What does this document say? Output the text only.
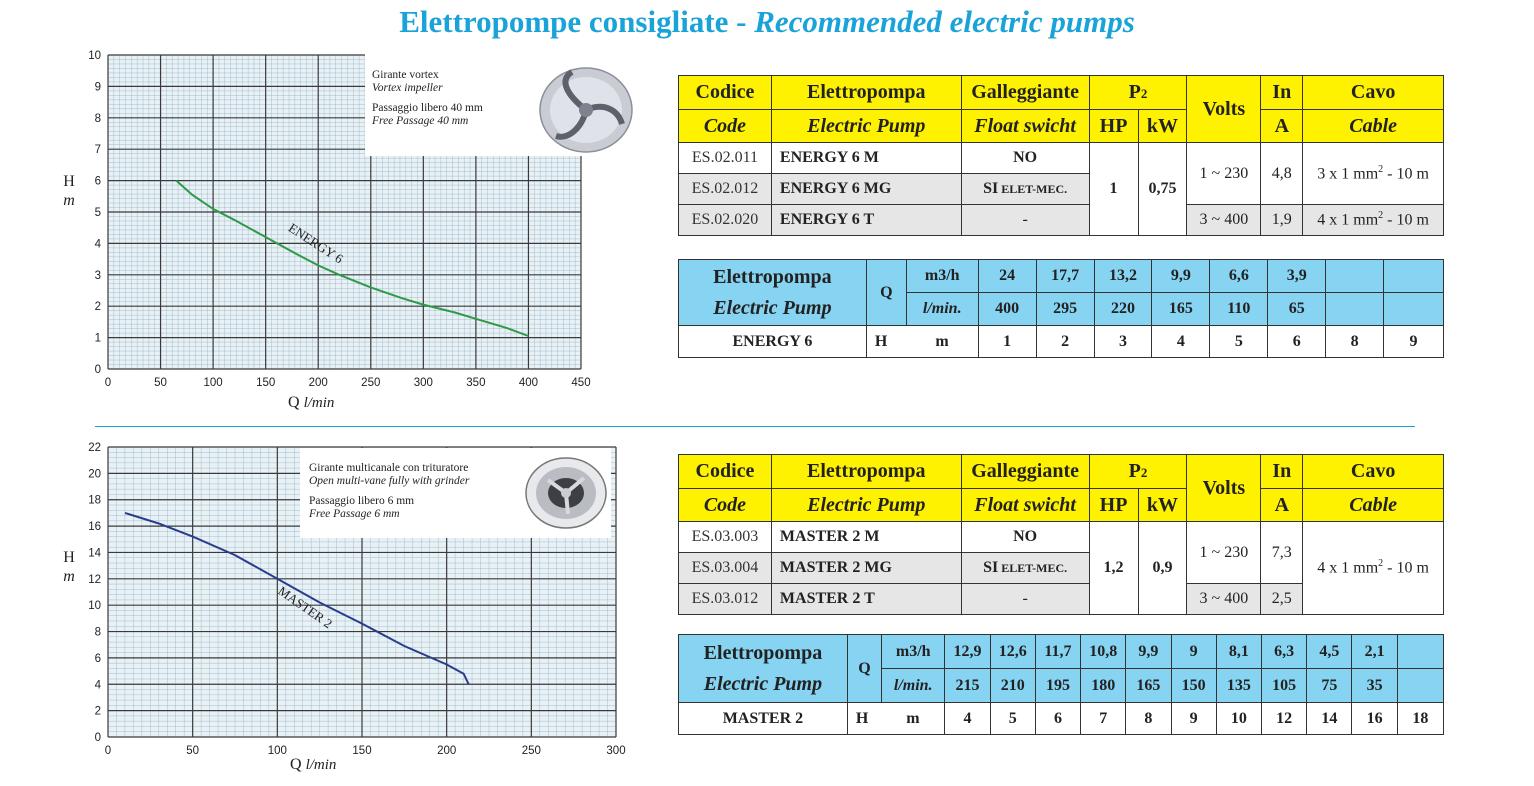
Elettropompe consigliate - Recommended electric pumps
0	50	100	150	200	250	300	350	400	450
0
1
2
3
4
5
6
7
8
9
10
H
m
Q l/min
Girante vortex
Vortex impeller
Passaggio libero 40 mm
Free Passage 40 mm
ENERGY 6
0	50	100	150	200	250	300
0
2
4
6
8
10
12
14
16
18
20
22
H
m
Q l/min
Girante multicanale con trituratore
Open multi-vane fully with grinder
Passaggio libero 6 mm
Free Passage 6 mm
MASTER 2
Codice	Elettropompa	Galleggiante	P2		Volts	In	Cavo
Code	Electric Pump	Float swicht	HP	kW		A	Cable
ES.02.011	ENERGY 6 M	NO	1	0,75	1 ~ 230	4,8	3 x 1 $mm^2 - 10$ m
ES.02.012	ENERGY 6 MG	SI ELET-MEC.					
ES.02.020	ENERGY 6 T	-			3 ~ 400	1,9	4 x 1 $mm^2 - 10$ m
Elettropompa
Electric Pump	Q	m3/h	24	17,7	13,2	9,9	6,6	3,9		
		l/min.	400	295	220	165	110	65		
ENERGY 6	H	m	1	2	3	4	5	6	8	9
Codice	Elettropompa	Galleggiante	P2		Volts	In	Cavo
Code	Electric Pump	Float swicht	HP	kW		A	Cable
ES.03.003	MASTER 2 M	NO	1,2	0,9	1 ~ 230	7,3	4 x 1 $mm^2 - 10$ m
ES.03.004	MASTER 2 MG	SI ELET-MEC.					
ES.03.012	MASTER 2 T	-			3 ~ 400	2,5	
Elettropompa
Electric Pump	Q	m3/h	12,9	12,6	11,7	10,8	9,9	9	8,1	6,3	4,5	2,1	
		l/min.	215	210	195	180	165	150	135	105	75	35	
MASTER 2	H	m	4	5	6	7	8	9	10	12	14	16	18
